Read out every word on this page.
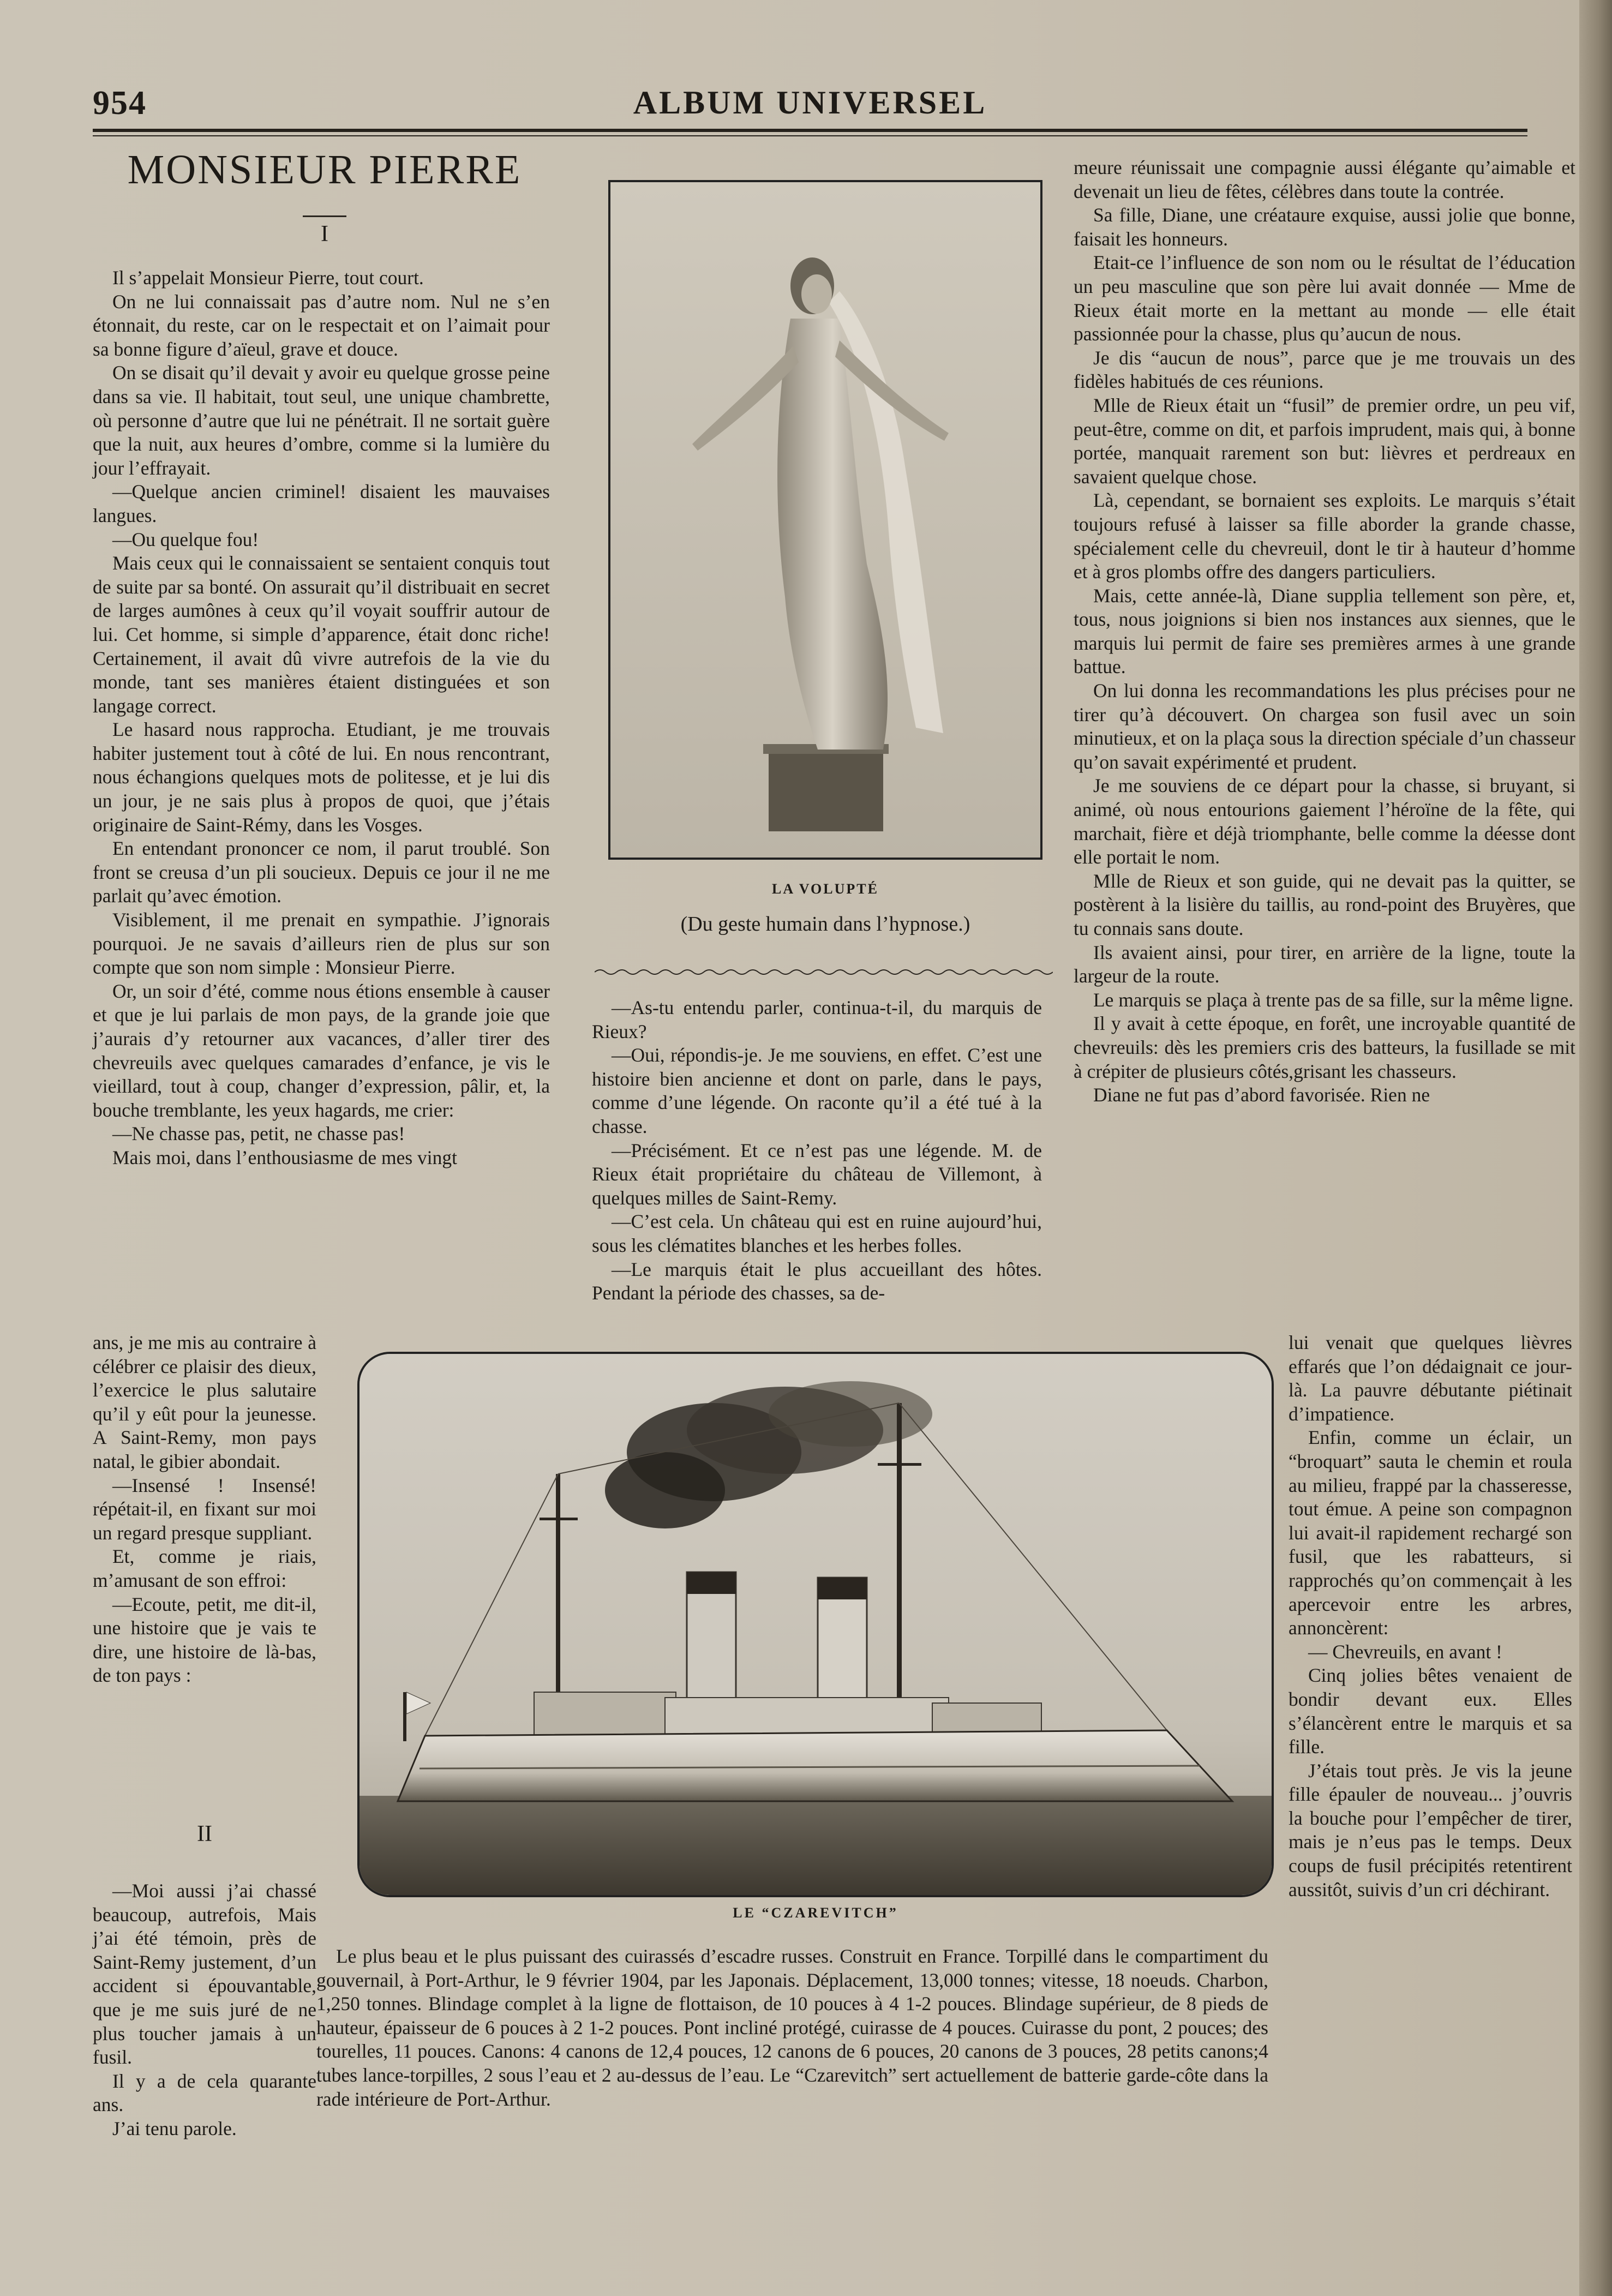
954	ALBUM UNIVERSEL
MONSIEUR PIERRE
I

Il s’appelait Monsieur Pierre, tout court.

On ne lui connaissait pas d’autre nom. Nul ne s’en étonnait, du reste, car on le respectait et on l’aimait pour sa bonne figure d’aïeul, grave et douce.

On se disait qu’il devait y avoir eu quelque grosse peine dans sa vie. Il habitait, tout seul, une unique chambrette, où personne d’autre que lui ne pénétrait. Il ne sortait guère que la nuit, aux heures d’ombre, comme si la lumière du jour l’effrayait.

—Quelque ancien criminel! disaient les mauvaises langues.

—Ou quelque fou!

Mais ceux qui le connaissaient se sentaient conquis tout de suite par sa bonté. On assurait qu’il distribuait en secret de larges aumônes à ceux qu’il voyait souffrir autour de lui. Cet homme, si simple d’apparence, était donc riche! Certainement, il avait dû vivre autrefois de la vie du monde, tant ses manières étaient distinguées et son langage correct.

Le hasard nous rapprocha. Etudiant, je me trouvais habiter justement tout à côté de lui. En nous rencontrant, nous échangions quelques mots de politesse, et je lui dis un jour, je ne sais plus à propos de quoi, que j’étais originaire de Saint-Rémy, dans les Vosges.

En entendant prononcer ce nom, il parut troublé. Son front se creusa d’un pli soucieux. Depuis ce jour il ne me parlait qu’avec émotion.

Visiblement, il me prenait en sympathie. J’ignorais pourquoi. Je ne savais d’ailleurs rien de plus sur son compte que son nom simple : Monsieur Pierre.

Or, un soir d’été, comme nous étions ensemble à causer et que je lui parlais de mon pays, de la grande joie que j’aurais d’y retourner aux vacances, d’aller tirer des chevreuils avec quelques camarades d’enfance, je vis le vieillard, tout à coup, changer d’expression, pâlir, et, la bouche tremblante, les yeux hagards, me crier:

—Ne chasse pas, petit, ne chasse pas!

Mais moi, dans l’enthousiasme de mes vingt

ans, je me mis au contraire à célébrer ce plaisir des dieux, l’exercice le plus salutaire qu’il y eût pour la jeunesse. A Saint-Remy, mon pays natal, le gibier abondait.

—Insensé ! Insensé! répétait-il, en fixant sur moi un regard presque suppliant.

Et, comme je riais, m’amusant de son effroi:

—Ecoute, petit, me dit-il, une histoire que je vais te dire, une histoire de là-bas, de ton pays :

II

—Moi aussi j’ai chassé beaucoup, autrefois, Mais j’ai été témoin, près de Saint-Remy justement, d’un accident si épouvantable, que je me suis juré de ne plus toucher jamais à un fusil.

Il y a de cela quarante ans.

J’ai tenu parole.

LA VOLUPTÉ
(Du geste humain dans l’hypnose.)

—As-tu entendu parler, continua-t-il, du marquis de Rieux?

—Oui, répondis-je. Je me souviens, en effet. C’est une histoire bien ancienne et dont on parle, dans le pays, comme d’une légende. On raconte qu’il a été tué à la chasse.

—Précisément. Et ce n’est pas une légende. M. de Rieux était propriétaire du château de Villemont, à quelques milles de Saint-Remy.

—C’est cela. Un château qui est en ruine aujourd’hui, sous les clématites blanches et les herbes folles.

—Le marquis était le plus accueillant des hôtes. Pendant la période des chasses, sa de-

meure réunissait une compagnie aussi élégante qu’aimable et devenait un lieu de fêtes, célèbres dans toute la contrée.

Sa fille, Diane, une créataure exquise, aussi jolie que bonne, faisait les honneurs.

Etait-ce l’influence de son nom ou le résultat de l’éducation un peu masculine que son père lui avait donnée — Mme de Rieux était morte en la mettant au monde — elle était passionnée pour la chasse, plus qu’aucun de nous.

Je dis “aucun de nous”, parce que je me trouvais un des fidèles habitués de ces réunions.

Mlle de Rieux était un “fusil” de premier ordre, un peu vif, peut-être, comme on dit, et parfois imprudent, mais qui, à bonne portée, manquait rarement son but: lièvres et perdreaux en savaient quelque chose.

Là, cependant, se bornaient ses exploits. Le marquis s’était toujours refusé à laisser sa fille aborder la grande chasse, spécialement celle du chevreuil, dont le tir à hauteur d’homme et à gros plombs offre des dangers particuliers.

Mais, cette année-là, Diane supplia tellement son père, et, tous, nous joignions si bien nos instances aux siennes, que le marquis lui permit de faire ses premières armes à une grande battue.

On lui donna les recommandations les plus précises pour ne tirer qu’à découvert. On chargea son fusil avec un soin minutieux, et on la plaça sous la direction spéciale d’un chasseur qu’on savait expérimenté et prudent.

Je me souviens de ce départ pour la chasse, si bruyant, si animé, où nous entourions gaiement l’héroïne de la fête, qui marchait, fière et déjà triomphante, belle comme la déesse dont elle portait le nom.

Mlle de Rieux et son guide, qui ne devait pas la quitter, se postèrent à la lisière du taillis, au rond-point des Bruyères, que tu connais sans doute.

Ils avaient ainsi, pour tirer, en arrière de la ligne, toute la largeur de la route.

Le marquis se plaça à trente pas de sa fille, sur la même ligne.

Il y avait à cette époque, en forêt, une incroyable quantité de chevreuils: dès les premiers cris des batteurs, la fusillade se mit à crépiter de plusieurs côtés,grisant les chasseurs.

Diane ne fut pas d’abord favorisée. Rien ne

lui venait que quelques lièvres effarés que l’on dédaignait ce jour-là. La pauvre débutante piétinait d’impatience.

Enfin, comme un éclair, un “broquart” sauta le chemin et roula au milieu, frappé par la chasseresse, tout émue. A peine son compagnon lui avait-il rapidement rechargé son fusil, que les rabatteurs, si rapprochés qu’on commençait à les apercevoir entre les arbres, annoncèrent:

— Chevreuils, en avant !

Cinq jolies bêtes venaient de bondir devant eux. Elles s’élancèrent entre le marquis et sa fille.

J’étais tout près. Je vis la jeune fille épauler de nouveau... j’ouvris la bouche pour l’empêcher de tirer, mais je n’eus pas le temps. Deux coups de fusil précipités retentirent aussitôt, suivis d’un cri déchirant.

LE “CZAREVITCH”

Le plus beau et le plus puissant des cuirassés d’escadre russes. Construit en France. Torpillé dans le compartiment du gouvernail, à Port-Arthur, le 9 février 1904, par les Japonais. Déplacement, 13,000 tonnes; vitesse, 18 noeuds. Charbon, 1,250 tonnes. Blindage complet à la ligne de flottaison, de 10 pouces à 4 1-2 pouces. Blindage supérieur, de 8 pieds de hauteur, épaisseur de 6 pouces à 2 1-2 pouces. Pont incliné protégé, cuirasse de 4 pouces. Cuirasse du pont, 2 pouces; des tourelles, 11 pouces. Canons: 4 canons de 12,4 pouces, 12 canons de 6 pouces, 20 canons de 3 pouces, 28 petits canons;4 tubes lance-torpilles, 2 sous l’eau et 2 au-dessus de l’eau. Le “Czarevitch” sert actuellement de batterie garde-côte dans la rade intérieure de Port-Arthur.
